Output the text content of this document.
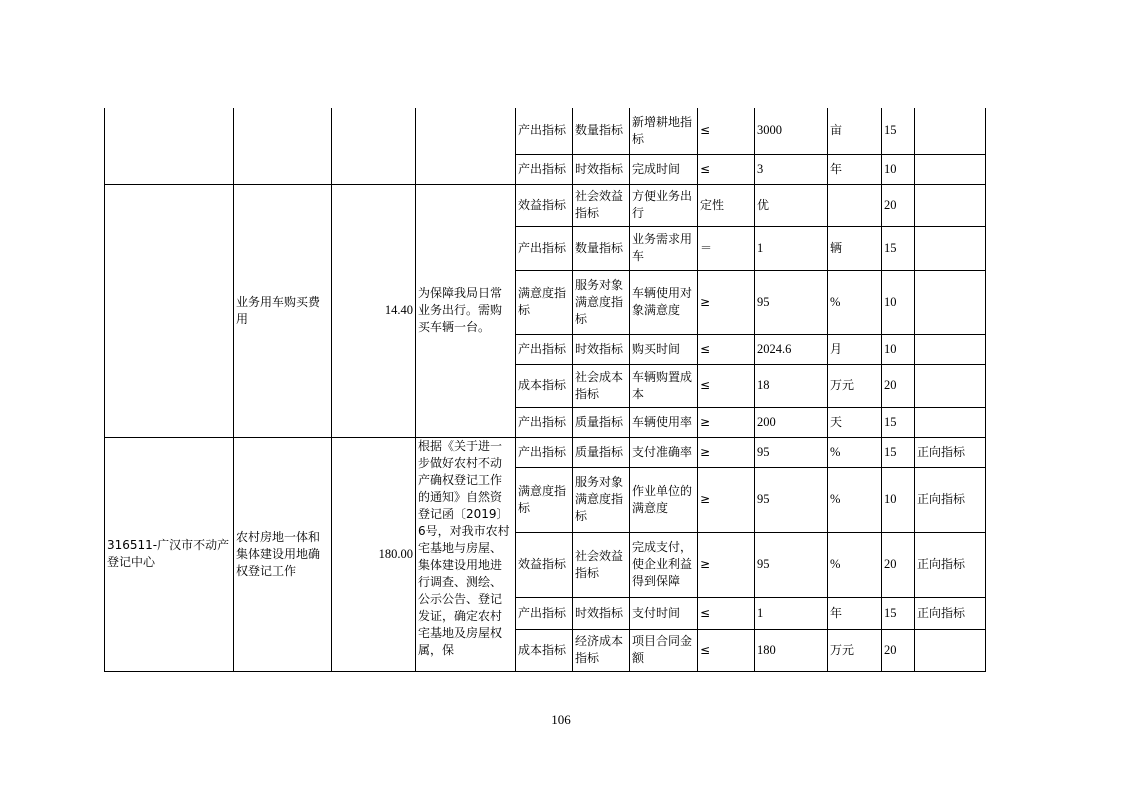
				产出指标	数量指标	新增耕地指标	≤	3000	亩	15	
				产出指标	时效指标	完成时间	≤	3	年	10	
	业务用车购买费用	14.40	为保障我局日常业务出行。需购买车辆一台。	效益指标	社会效益指标	方便业务出行	定性	优		20	
				产出指标	数量指标	业务需求用车	＝	1	辆	15	
				满意度指标	服务对象满意度指标	车辆使用对象满意度	≥	95	%	10	
				产出指标	时效指标	购买时间	≤	2024.6	月	10	
				成本指标	社会成本指标	车辆购置成本	≤	18	万元	20	
				产出指标	质量指标	车辆使用率	≥	200	天	15	
316511-广汉市不动产登记中心	农村房地一体和集体建设用地确权登记工作	180.00	根据《关于进一步做好农村不动产确权登记工作的通知》自然资登记函〔2019〕6号，对我市农村宅基地与房屋、集体建设用地进行调查、测绘、公示公告、登记发证，确定农村宅基地及房屋权属，保	产出指标	质量指标	支付准确率	≥	95	%	15	正向指标
				满意度指标	服务对象满意度指标	作业单位的满意度	≥	95	%	10	正向指标
				效益指标	社会效益指标	完成支付，使企业利益得到保障	≥	95	%	20	正向指标
				产出指标	时效指标	支付时间	≤	1	年	15	正向指标
				成本指标	经济成本指标	项目合同金额	≤	180	万元	20	
106
